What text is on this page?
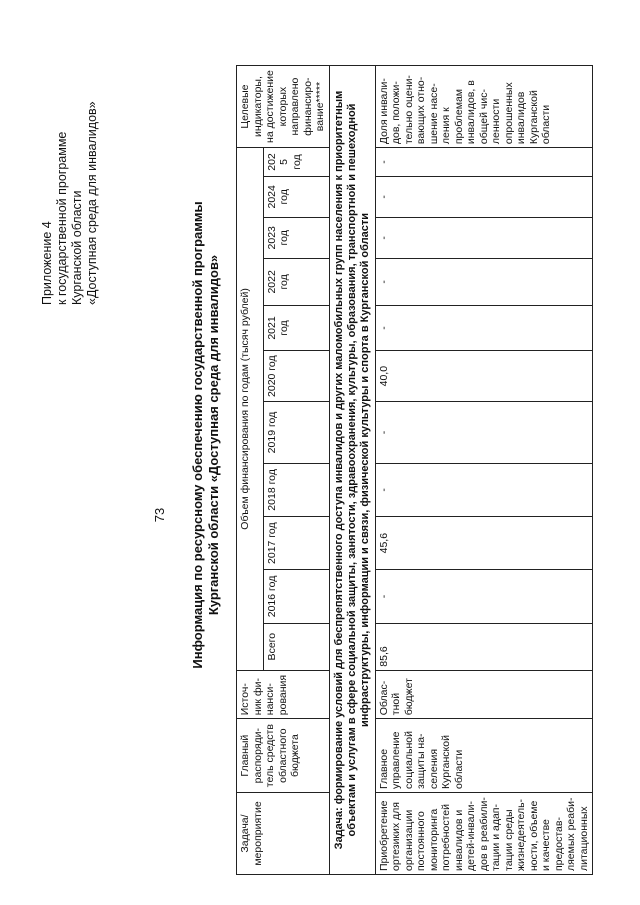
73
Приложение 4 к государственной программе Курганской области «Доступная среда для инвалидов»	Информация по ресурсному обеспечению государственной программы Курганской области «Доступная среда для инвалидов»
Задача/ мероприятие	Главный распоряди- тель средств областного бюджета	Источ- ник фи- нанси- рования	Объем финансирования по годам (тысяч рублей)											Целевые индикаторы, на достижение которых направлено финансиро- вание*****
			Всего	2016 год	2017 год	2018 год	2019 год	2020 год	2021 год	2022 год	2023 год	2024 год	202 5 год	
Задача: формирование условий для беспрепятственного доступа инвалидов и других маломобильных групп населения к приоритетным объектам и услугам в сфере социальной защиты, занятости, здравоохранения, культуры, образования, транспортной и пешеходной инфраструктуры, информации и связи, физической культуры и спорта в Курганской области														
Приобретение ортезиких для организации постоянного мониторинга потребностей инвалидов и детей-инвали- дов в реабили- тации и адап- тации среды жизнедеятель- ности, объеме и качестве предостав- ляемых реаби- литационных	Главное управление социальной защиты на- селения Курганской области	Облас- тной бюджет	85,6	-	45,6	-	-	40,0	-	-	-	-	-	Доля инвали- дов, положи- тельно оцени- вающих отно- шение насе- ления к проблемам инвалидов, в общей чис- ленности опрошенных инвалидов Курганской области
